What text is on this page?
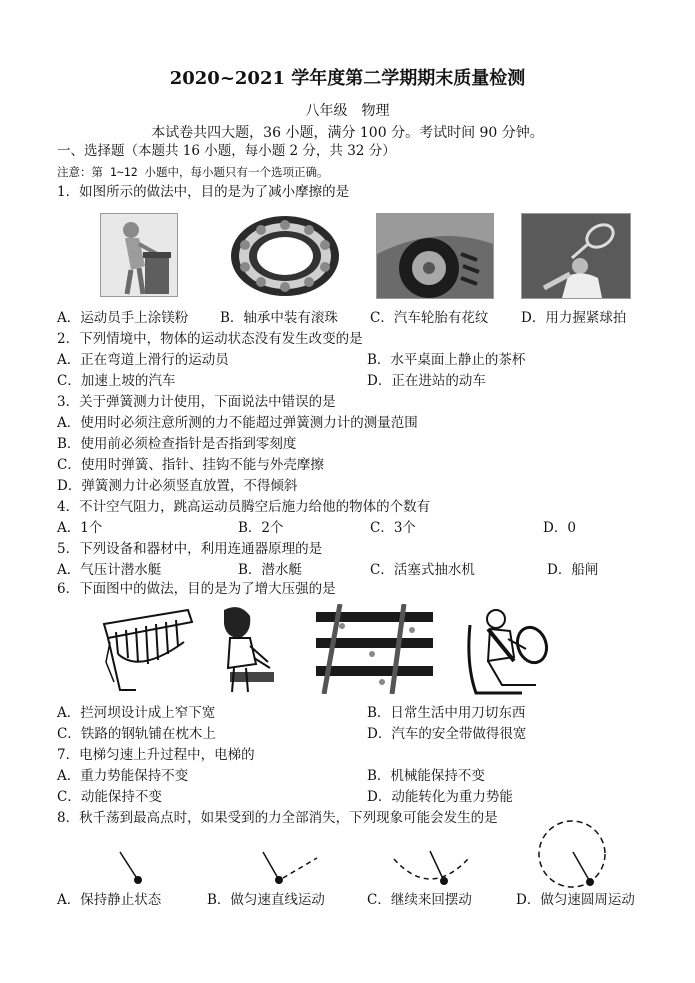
2020~2021 学年度第二学期期末质量检测
八年级　物理
本试卷共四大题，36 小题，满分 100 分。考试时间 90 分钟。
一、选择题（本题共 16 小题，每小题 2 分，共 32 分）
注意：第 1~12 小题中，每小题只有一个选项正确。
1．如图所示的做法中，目的是为了减小摩擦的是
A．运动员手上涂镁粉 B．轴承中装有滚珠 C．汽车轮胎有花纹 D．用力握紧球拍
2．下列情境中，物体的运动状态没有发生改变的是
A．正在弯道上滑行的运动员	B．水平桌面上静止的茶杯
C．加速上坡的汽车	D．正在进站的动车
3．关于弹簧测力计使用，下面说法中错误的是
A．使用时必须注意所测的力不能超过弹簧测力计的测量范围
B．使用前必须检查指针是否指到零刻度
C．使用时弹簧、指针、挂钩不能与外壳摩擦
D．弹簧测力计必须竖直放置，不得倾斜
4．不计空气阻力，跳高运动员腾空后施力给他的物体的个数有
A．1个	B．2个	C．3个	D．0
5．下列设备和器材中，利用连通器原理的是
A．气压计潜水艇	B．潜水艇	C．活塞式抽水机	D．船闸
6．下面图中的做法，目的是为了增大压强的是
A．拦河坝设计成上窄下宽	B．日常生活中用刀切东西
C．铁路的钢轨铺在枕木上	D．汽车的安全带做得很宽
7．电梯匀速上升过程中，电梯的
A．重力势能保持不变	B．机械能保持不变
C．动能保持不变	D．动能转化为重力势能
8．秋千荡到最高点时，如果受到的力全部消失，下列现象可能会发生的是
A．保持静止状态	B．做匀速直线运动	C．继续来回摆动	D．做匀速圆周运动
